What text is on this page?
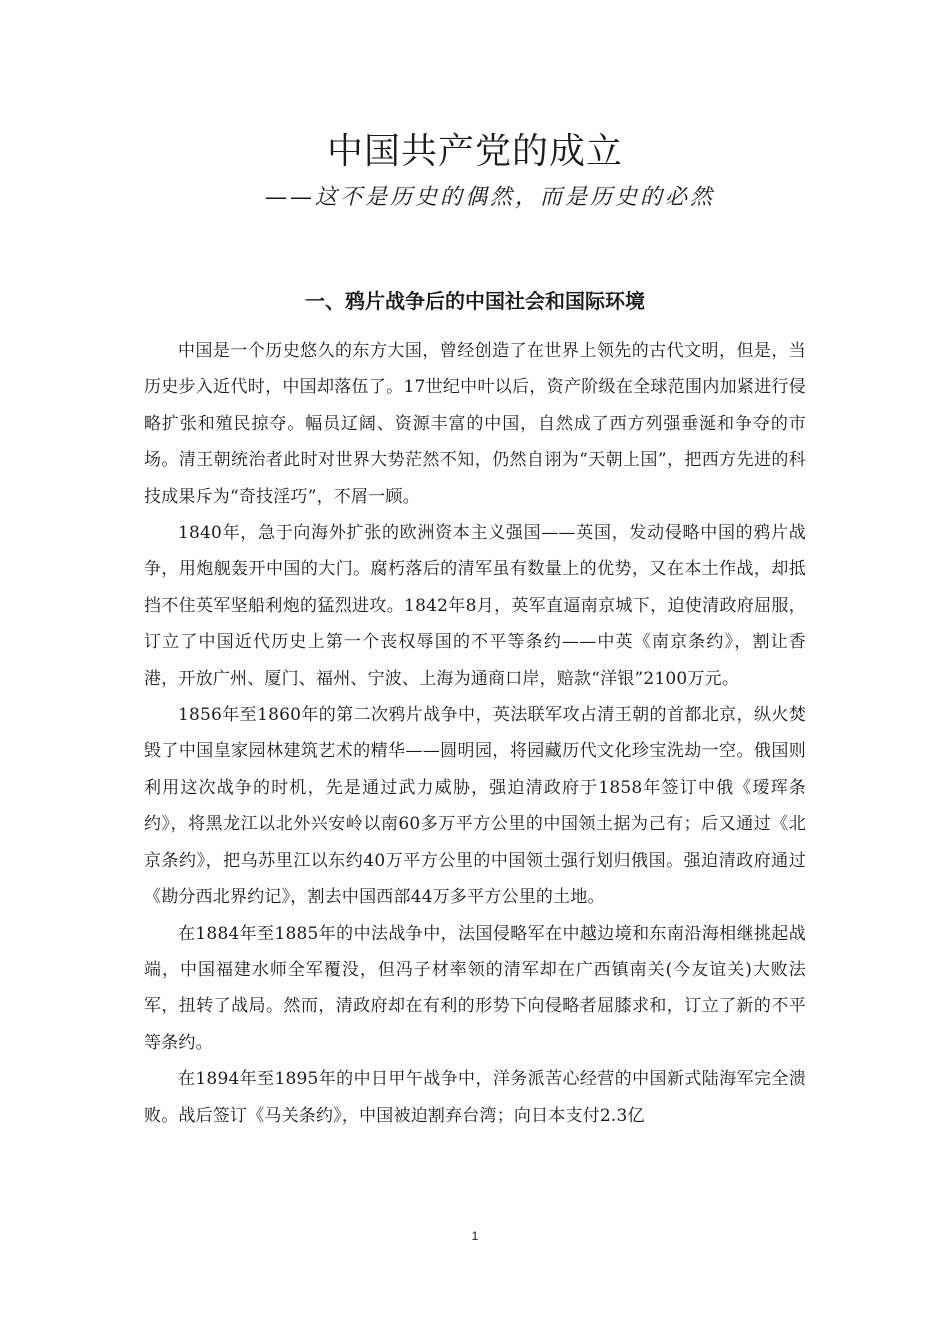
中国共产党的成立
——这不是历史的偶然，而是历史的必然
一、鸦片战争后的中国社会和国际环境

中国是一个历史悠久的东方大国，曾经创造了在世界上领先的古代文明，但是，当历史步入近代时，中国却落伍了。17世纪中叶以后，资产阶级在全球范围内加紧进行侵略扩张和殖民掠夺。幅员辽阔、资源丰富的中国，自然成了西方列强垂涎和争夺的市场。清王朝统治者此时对世界大势茫然不知，仍然自诩为“天朝上国”，把西方先进的科技成果斥为“奇技淫巧”，不屑一顾。

1840年，急于向海外扩张的欧洲资本主义强国——英国，发动侵略中国的鸦片战争，用炮舰轰开中国的大门。腐朽落后的清军虽有数量上的优势，又在本土作战，却抵挡不住英军坚船利炮的猛烈进攻。1842年8月，英军直逼南京城下，迫使清政府屈服，订立了中国近代历史上第一个丧权辱国的不平等条约——中英《南京条约》，割让香港，开放广州、厦门、福州、宁波、上海为通商口岸，赔款“洋银”2100万元。

1856年至1860年的第二次鸦片战争中，英法联军攻占清王朝的首都北京，纵火焚毁了中国皇家园林建筑艺术的精华——圆明园，将园藏历代文化珍宝洗劫一空。俄国则利用这次战争的时机，先是通过武力威胁，强迫清政府于1858年签订中俄《瑷珲条约》，将黑龙江以北外兴安岭以南60多万平方公里的中国领土据为己有；后又通过《北京条约》，把乌苏里江以东约40万平方公里的中国领土强行划归俄国。强迫清政府通过《勘分西北界约记》，割去中国西部44万多平方公里的土地。

在1884年至1885年的中法战争中，法国侵略军在中越边境和东南沿海相继挑起战端，中国福建水师全军覆没，但冯子材率领的清军却在广西镇南关(今友谊关)大败法军，扭转了战局。然而，清政府却在有利的形势下向侵略者屈膝求和，订立了新的不平等条约。

在1894年至1895年的中日甲午战争中，洋务派苦心经营的中国新式陆海军完全溃败。战后签订《马关条约》，中国被迫割弃台湾；向日本支付2.3亿

1
